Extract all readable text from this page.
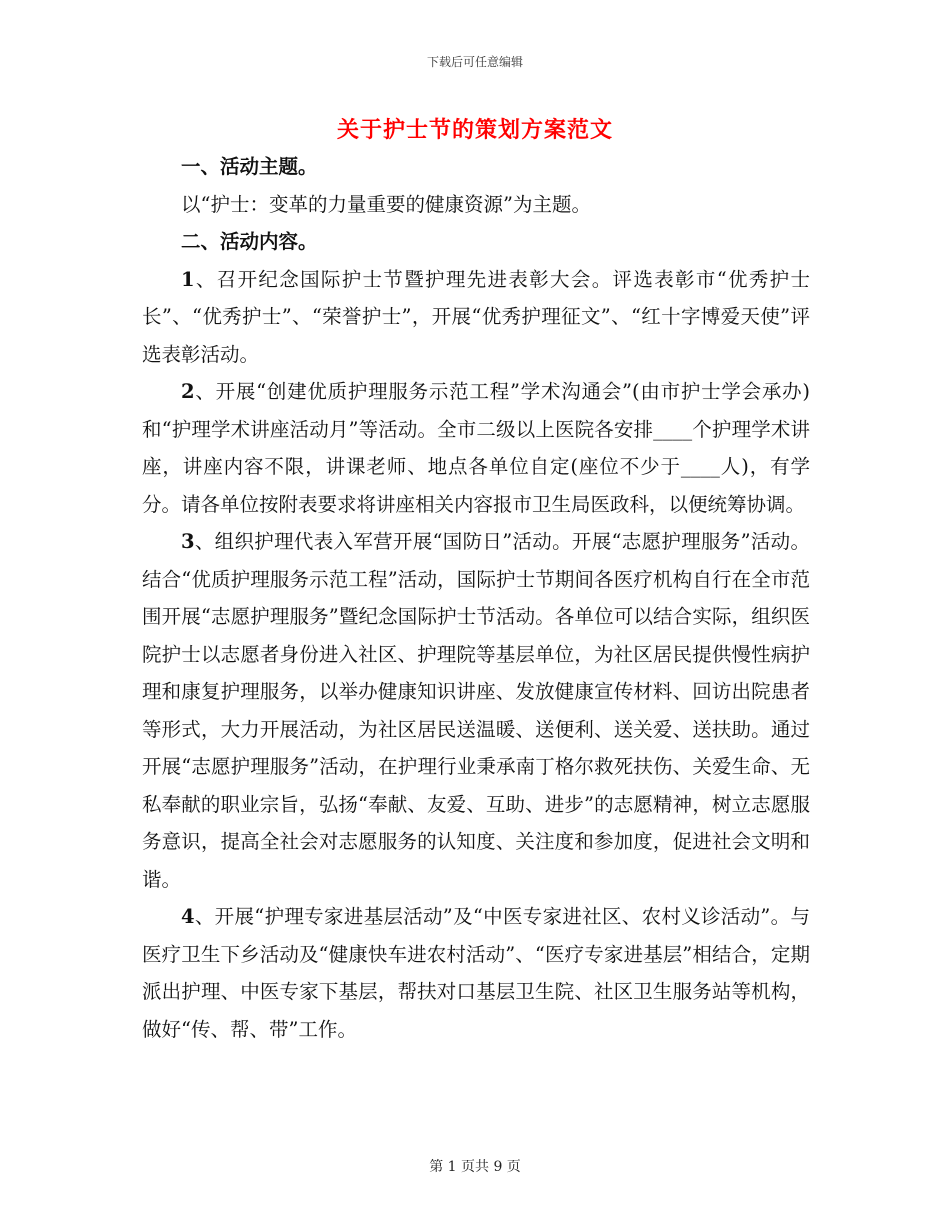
下载后可任意编辑
关于护士节的策划方案范文

一、活动主题。

以“护士：变革的力量重要的健康资源”为主题。

二、活动内容。

1、召开纪念国际护士节暨护理先进表彰大会。评选表彰市“优秀护士长”、“优秀护士”、“荣誉护士”，开展“优秀护理征文”、“红十字博爱天使”评选表彰活动。

2、开展“创建优质护理服务示范工程”学术沟通会”(由市护士学会承办)和“护理学术讲座活动月”等活动。全市二级以上医院各安排____个护理学术讲座，讲座内容不限，讲课老师、地点各单位自定(座位不少于____人)，有学分。请各单位按附表要求将讲座相关内容报市卫生局医政科，以便统筹协调。

3、组织护理代表入军营开展“国防日”活动。开展“志愿护理服务”活动。结合“优质护理服务示范工程”活动，国际护士节期间各医疗机构自行在全市范围开展“志愿护理服务”暨纪念国际护士节活动。各单位可以结合实际，组织医院护士以志愿者身份进入社区、护理院等基层单位，为社区居民提供慢性病护理和康复护理服务，以举办健康知识讲座、发放健康宣传材料、回访出院患者等形式，大力开展活动，为社区居民送温暖、送便利、送关爱、送扶助。通过开展“志愿护理服务”活动，在护理行业秉承南丁格尔救死扶伤、关爱生命、无私奉献的职业宗旨，弘扬“奉献、友爱、互助、进步”的志愿精神，树立志愿服务意识，提高全社会对志愿服务的认知度、关注度和参加度，促进社会文明和谐。

4、开展“护理专家进基层活动”及“中医专家进社区、农村义诊活动”。与医疗卫生下乡活动及“健康快车进农村活动”、“医疗专家进基层”相结合，定期派出护理、中医专家下基层，帮扶对口基层卫生院、社区卫生服务站等机构，做好“传、帮、带”工作。

第 1 页共 9 页
